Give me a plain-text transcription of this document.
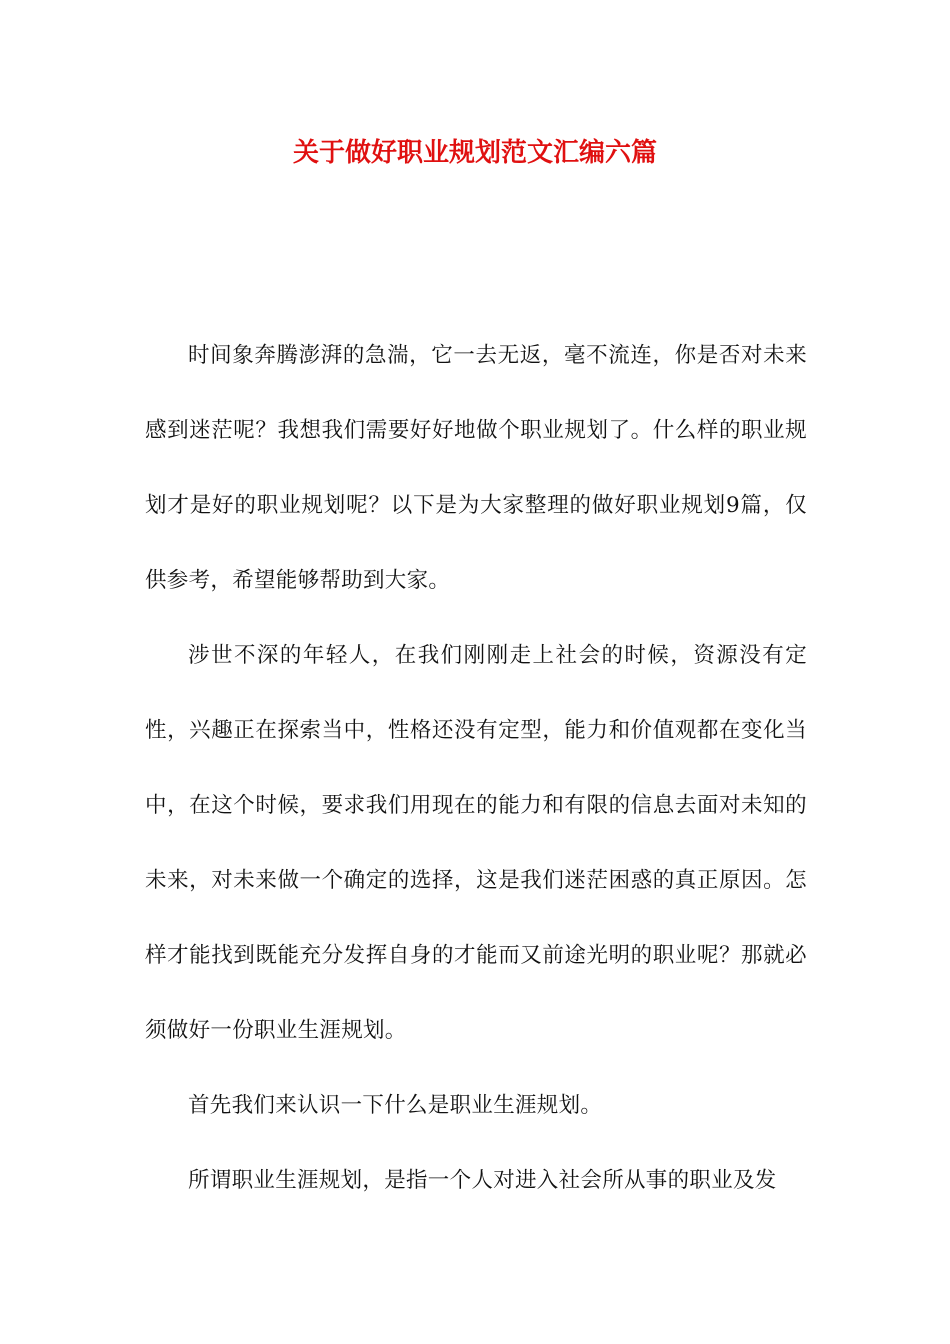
关于做好职业规划范文汇编六篇

时间象奔腾澎湃的急湍，它一去无返，毫不流连，你是否对未来感到迷茫呢？我想我们需要好好地做个职业规划了。什么样的职业规划才是好的职业规划呢？以下是为大家整理的做好职业规划9篇，仅供参考，希望能够帮助到大家。

涉世不深的年轻人，在我们刚刚走上社会的时候，资源没有定性，兴趣正在探索当中，性格还没有定型，能力和价值观都在变化当中，在这个时候，要求我们用现在的能力和有限的信息去面对未知的未来，对未来做一个确定的选择，这是我们迷茫困惑的真正原因。怎样才能找到既能充分发挥自身的才能而又前途光明的职业呢？那就必须做好一份职业生涯规划。

首先我们来认识一下什么是职业生涯规划。

所谓职业生涯规划，是指一个人对进入社会所从事的职业及发
